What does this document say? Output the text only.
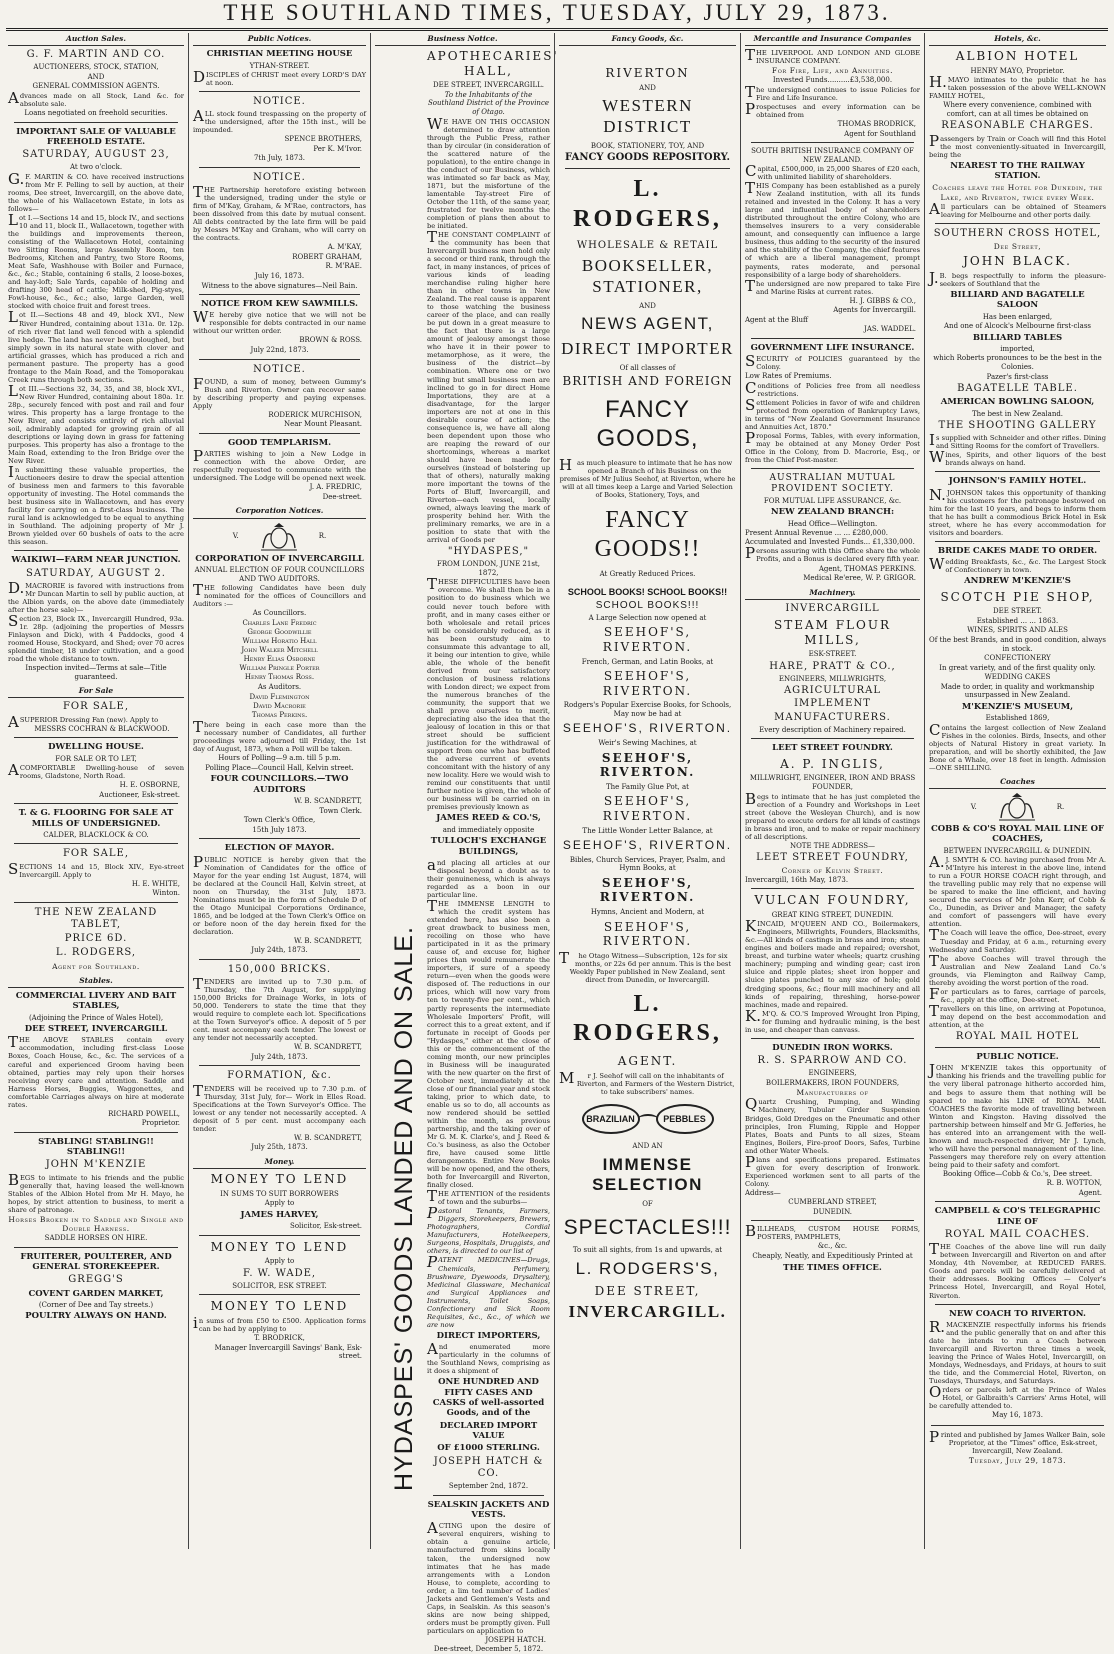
THE SOUTHLAND TIMES, TUESDAY, JULY 29, 1873.
Auction Sales.
G. F. MARTIN AND CO.
AUCTIONEERS, STOCK, STATION,
AND
GENERAL COMMISSION AGENTS.

Advances made on all Stock, Land &c. for absolute sale.

Loans negotiated on freehold securities.
IMPORTANT SALE OF VALUABLE FREEHOLD ESTATE.
SATURDAY, AUGUST 23,
At two o'clock.

G.F. MARTIN & CO. have received instructions from Mr F. Pelling to sell by auction, at their rooms, Dee street, Invercargill, on the above date, the whole of his Wallacetown Estate, in lots as follows—

Lot I.—Sections 14 and 15, block IV., and sections 10 and 11, block II., Wallacetown, together with the buildings and improvements thereon, consisting of the Wallacetown Hotel, containing two Sitting Rooms, large Assembly Room, ten Bedrooms, Kitchen and Pantry, two Store Rooms, Meat Safe, Washhouse with Boiler and Furnace, &c., &c.; Stable, containing 6 stalls, 2 loose-boxes, and hay-loft; Sale Yards, capable of holding and drafting 300 head of cattle; Milk-shed, Pig-styes, Fowl-house, &c., &c.; also, large Garden, well stocked with choice fruit and forest trees.

Lot II.—Sections 48 and 49, block XVI., New River Hundred, containing about 131a. 0r. 12p. of rich river flat land well fenced with a splendid live hedge. The land has never been ploughed, but simply sown in its natural state with clover and artificial grasses, which has produced a rich and permanent pasture. The property has a good frontage to the Main Road, and the Tomoporakau Creek runs through both sections.

Lot III.—Sections 32, 34, 35, and 38, block XVI., New River Hundred, containing about 180a. 1r. 28p., securely fenced with post and rail and four wires. This property has a large frontage to the New River, and consists entirely of rich alluvial soil, admirably adapted for growing grain of all descriptions or laying down in grass for fattening purposes. This property has also a frontage to the Main Road, extending to the Iron Bridge over the New River.

In submitting these valuable properties, the Auctioneers desire to draw the special attention of business men and farmers to this favorable opportunity of investing. The Hotel commands the best business site in Wallacetown, and has every facility for carrying on a first-class business. The rural land is acknowledged to be equal to anything in Southland. The adjoining property of Mr J. Brown yielded over 60 bushels of oats to the acre this season.

WAIKIWI—FARM NEAR JUNCTION.
SATURDAY, AUGUST 2.

D.MACRORIE is favored with instructions from Mr Duncan Martin to sell by public auction, at the Albion yards, on the above date (immediately after the horse sale)—

Section 23, Block IX., Invercargill Hundred, 93a. 1r. 28p. (adjoining the properties of Messrs Finlayson and Dick), with 4 Paddocks, good 4 roomed House, Stockyard, and Shed; over 70 acres splendid timber, 18 under cultivation, and a good road the whole distance to town.

Inspection invited—Terms at sale—Title guaranteed.
For Sale
FOR SALE,

ASUPERIOR Dressing Fan (new). Apply to

MESSRS COCHRAN & BLACKWOOD.
DWELLING HOUSE.
FOR SALE OR TO LET,

ACOMFORTABLE Dwelling-house of seven rooms, Gladstone, North Road.

H. E. OSBORNE,
Auctioneer, Esk-street.
T. & G. FLOORING FOR SALE AT MILLS OF UNDERSIGNED.
CALDER, BLACKLOCK & CO.
FOR SALE,

SECTIONS 14 and 15, Block XIV., Eye-street Invercargill. Apply to

H. E. WHITE,
Winton.
THE NEW ZEALAND TABLET,
PRICE 6D.
L. RODGERS,
Agent for Southland.
Stables.
COMMERCIAL LIVERY AND BAIT STABLES,
(Adjoining the Prince of Wales Hotel),
DEE STREET, INVERCARGILL

THE ABOVE STABLES contain every accommodation, including first-class Loose Boxes, Coach House, &c., &c. The services of a careful and experienced Groom having been obtained, parties may rely upon their horses receiving every care and attention. Saddle and Harness Horses, Buggies, Waggonettes, and comfortable Carriages always on hire at moderate rates.

RICHARD POWELL,
Proprietor.
STABLING! STABLING!! STABLING!!
JOHN M'KENZIE

BEGS to intimate to his friends and the public generally that, having leased the well-known Stables of the Albion Hotel from Mr H. Mayo, he hopes, by strict attention to business, to merit a share of patronage.

Horses Broken in to Saddle and Single and Double Harness.
SADDLE HORSES ON HIRE.
FRUITERER, POULTERER, AND GENERAL STOREKEEPER.
GREGG'S
COVENT GARDEN MARKET,
(Corner of Dee and Tay streets.)
POULTRY ALWAYS ON HAND.
Public Notices.
CHRISTIAN MEETING HOUSE
YTHAN-STREET.

DISCIPLES of CHRIST meet every LORD'S DAY at noon.

NOTICE.

ALL stock found trespassing on the property of the undersigned, after the 15th inst., will be impounded.

SPENCE BROTHERS,
Per K. M'Ivor.
7th July, 1873.
NOTICE.

THE Partnership heretofore existing between the undersigned, trading under the style or firm of M'Kay, Graham, & M'Rae, contractors, has been dissolved from this date by mutual consent. All debts contracted by the late firm will be paid by Messrs M'Kay and Graham, who will carry on the contracts.

A. M'KAY,
ROBERT GRAHAM,
R. M'RAE.
July 16, 1873.
Witness to the above signatures—Neil Bain.
NOTICE FROM KEW SAWMILLS.

WE hereby give notice that we will not be responsible for debts contracted in our name without our written order.

BROWN & ROSS.
July 22nd, 1873.
NOTICE.

FOUND, a sum of money, between Gummy's Bush and Riverton. Owner can recover same by describing property and paying expenses. Apply

RODERICK MURCHISON,
Near Mount Pleasant.
GOOD TEMPLARISM.

PARTIES wishing to join a New Lodge in connection with the above Order, are respectfully requested to communicate with the undersigned. The Lodge will be opened next week.

J. A. FREDRIC,
Dee-street.
Corporation Notices.
V.	R.
CORPORATION OF INVERCARGILL
ANNUAL ELECTION OF FOUR COUNCILLORS AND TWO AUDITORS.

THE following Candidates have been duly nominated for the offices of Councillors and Auditors :—

As Councillors.
Charles Lane Fredric
George Goodwillie
William Horatio Hall
John Walker Mitchell
Henry Elias Osborne
William Pringle Porter
Henry Thomas Ross.
As Auditors.
David Flemington
David Macrorie
Thomas Perkins.

There being in each case more than the necessary number of Candidates, all further proceedings were adjourned till Friday, the 1st day of August, 1873, when a Poll will be taken.

Hours of Polling—9 a.m. till 5 p.m.
Polling Place—Council Hall, Kelvin street.
FOUR COUNCILLORS.—TWO AUDITORS
W. B. SCANDRETT,
Town Clerk.
Town Clerk's Office,
15th July 1873.
ELECTION OF MAYOR.

PUBLIC NOTICE is hereby given that the Nomination of Candidates for the office of Mayor for the year ending 1st August, 1874, will be declared at the Council Hall, Kelvin street, at noon on Thursday, the 31st July, 1873. Nominations must be in the form of Schedule D of the Otago Municipal Corporations Ordinance, 1865, and be lodged at the Town Clerk's Office on or before noon of the day herein fixed for the declaration.

W. B. SCANDRETT,
July 24th, 1873.
150,000 BRICKS.

TENDERS are invited up to 7.30 p.m. of Thursday, the 7th August, for supplying 150,000 Bricks for Drainage Works, in lots of 50,000. Tenderers to state the time that they would require to complete each lot. Specifications at the Town Surveyor's office. A deposit of 5 per cent. must accompany each tender. The lowest or any tender not necessarily accepted.

W. B. SCANDRETT,
July 24th, 1873.
FORMATION, &c.

TENDERS will be received up to 7.30 p.m. of Thursday, 31st July, for— Work in Elles Road. Specifications at the Town Surveyor's Office. The lowest or any tender not necessarily accepted. A deposit of 5 per cent. must accompany each tender.

W. B. SCANDRETT,
July 25th, 1873.
Money.
MONEY TO LEND
IN SUMS TO SUIT BORROWERS
Apply to
JAMES HARVEY,
Solicitor, Esk-street.
MONEY TO LEND
Apply to
F. W. WADE,
SOLICITOR, ESK STREET.
MONEY TO LEND

in sums of from £50 to £500. Application forms can be had by applying to

T. BRODRICK,
Manager Invercargill Savings' Bank, Esk-street.
Business Notice.
HYDASPES' GOODS LANDED AND ON SALE.
APOTHECARIES' HALL,
DEE STREET, INVERCARGILL.
To the Inhabitants of the Southland District of the Province of Otago.

WE HAVE ON THIS OCCASION determined to draw attention through the Public Press, rather than by circular (in consideration of the scattered nature of the population), to the entire change in the conduct of our Business, which was intimated so far back as May, 1871, but the misfortune of the lamentable Tay-street Fire of October the 11th, of the same year, frustrated for twelve months the completion of plans then about to be initiated.

THE CONSTANT COMPLAINT of the community has been that Invercargill business men hold only a second or third rank, through the fact, in many instances, of prices of various kinds of leading merchandise ruling higher here than in other towns in New Zealand. The real cause is apparent to those watching the business career of the place, and can really be put down in a great measure to the fact that there is a large amount of jealousy amongst those who have it in their power to metamorphose, as it were, the business of the district—by combination. Where one or two willing but small business men are inclined to go in for direct Home Importations, they are at a disadvantage, for the larger importers are not at one in this desirable course of action; the consequence is, we have all along been dependent upon those who are reaping the reward of our shortcomings, whereas a market should have been made for ourselves (instead of bolstering up that of others), naturally making more important the towns of the Ports of Bluff, Invercargill, and Riverton—each vessel, locally owned, always leaving the mark of prosperity behind her. With the preliminary remarks, we are in a position to state that with the arrival of Goods per

"HYDASPES,"
FROM LONDON, JUNE 21st, 1872,

THESE DIFFICULTIES have been overcome. We shall then be in a position to do business which we could never touch before with profit, and in many cases either or both wholesale and retail prices will be considerably reduced, as it has been ourstudy aim to consummate this advantage to all, it being our intention to give, while able, the whole of the benefit derived from our satisfactory conclusion of business relations with London direct; we expect from the numerous branches of the community, the support that we shall prove ourselves to merit, depreciating also the idea that the jealousy of location in this or that street should be sufficient justification for the withdrawal of support from one who has buffeted the adverse current of events concomitant with the history of any new locality. Here we would wish to remind our constituents that until further notice is given, the whole of our business will be carried on in premises previously known as

JAMES REED & CO.'S,
and immediately opposite
TULLOCH'S EXCHANGE BUILDINGS,

and placing all articles at our disposal beyond a doubt as to their genuineness, which is always regarded as a boon in our particular line.

THE IMMENSE LENGTH to which the credit system has extended here, has also been a great drawback to business men, recoiling on those who have participated in it as the primary cause of, and excuse for, higher prices than would remunerate the importers, if sure of a speedy return—even when the goods were disposed of. The reductions in our prices, which will now vary from ten to twenty-five per cent., which partly represents the intermediate Wholesale Importers' Profit, will correct this to a great extent, and if fortunate in receipt of Goods per "Hydaspes," either at the close of this or the commencement of the coming month, our new principles in Business will be inaugurated with the new quarter on the first of October next, immediately at the close of our financial year and stock taking, prior to which date, to enable us so to do, all accounts as now rendered should be settled within the month, as previous partnership, and the taking over of Mr G. M. K. Clarke's, and J. Reed & Co.'s business, as also the October fire, have caused some little derangements. Entire New Books will be now opened, and the others, both for Invercargill and Riverton, finally closed.

THE ATTENTION of the residents of town and the suburbs—

Pastoral Tenants, Farmers, Diggers, Storekeepers, Brewers, Photographers, Cordial Manufacturers, Hotelkeepers, Surgeons, Hospitals, Druggists, and others, is directed to our list of

PATENT MEDICINES—Drugs, Chemicals, Perfumery, Brushware, Dyewoods, Drysaltery, Medicinal Glassware, Mechanical and Surgical Appliances and Instruments, Toilet Soaps, Confectionery and Sick Room Requisites, &c., &c., of which we are now

DIRECT IMPORTERS,

And enumerated more particularly in the columns of the Southland News, comprising as it does a shipment of

ONE HUNDRED AND FIFTY CASES AND CASKS of well-assorted Goods, and of the
DECLARED IMPORT VALUE
OF £1000 STERLING.
JOSEPH HATCH & CO.
September 2nd, 1872.
SEALSKIN JACKETS AND VESTS.

ACTING upon the desire of several enquirers, wishing to obtain a genuine article, manufactured from skins locally taken, the undersigned now intimates that he has made arrangements with a London House, to complete, according to order, a lim ted number of Ladies' Jackets and Gentlemen's Vests and Caps, in Sealskin. As this season's skins are now being shipped, orders must be promptly given. Full particulars on application to

JOSEPH HATCH.
Dee-street, December 5, 1872.
Fancy Goods, &c.
RIVERTON
AND
WESTERN DISTRICT
BOOK, STATIONERY, TOY, AND
FANCY GOODS REPOSITORY.
L. RODGERS,
WHOLESALE & RETAIL
BOOKSELLER, STATIONER,
AND
NEWS AGENT,
DIRECT IMPORTER
Of all classes of
BRITISH AND FOREIGN
FANCY GOODS,

Has much pleasure to intimate that he has now opened a Branch of his Business on the premises of Mr Julius Seehof, at Riverton, where he will at all times keep a Large and Varied Selection of Books, Stationery, Toys, and

FANCY GOODS!!
At Greatly Reduced Prices.
SCHOOL BOOKS! SCHOOL BOOKS!!
SCHOOL BOOKS!!!
A Large Selection now opened at
SEEHOF'S, RIVERTON.
French, German, and Latin Books, at
SEEHOF'S, RIVERTON.
Rodgers's Popular Exercise Books, for Schools, May now be had at
SEEHOF'S, RIVERTON.
Weir's Sewing Machines, at
SEEHOF'S, RIVERTON.
The Family Glue Pot, at
SEEHOF'S, RIVERTON.
The Little Wonder Letter Balance, at
SEEHOF'S, RIVERTON.
Bibles, Church Services, Prayer, Psalm, and Hymn Books, at
SEEHOF'S, RIVERTON.
Hymns, Ancient and Modern, at
SEEHOF'S, RIVERTON.

The Otago Witness—Subscription, 12s for six months, or 22s 6d per annum. This is the best Weekly Paper published in New Zealand, sent direct from Dunedin, or Invercargill.

L. RODGERS,
AGENT.

Mr J. Seehof will call on the inhabitants of Riverton, and Farmers of the Western District, to take subscribers' names.

BRAZILIAN	PEBBLES
AND AN
IMMENSE SELECTION
OF
SPECTACLES!!!
To suit all sights, from 1s and upwards, at
L. RODGERS'S,
DEE STREET,
INVERCARGILL.
Mercantile and Insurance Companies

THE LIVERPOOL AND LONDON AND GLOBE INSURANCE COMPANY.

For Fire, Life, and Annuities.
Invested Funds..........£3,538,000.

The undersigned continues to issue Policies for Fire and Life Insurance.

Prospectuses and every information can be obtained from

THOMAS BRODRICK,
Agent for Southland
SOUTH BRITISH INSURANCE COMPANY OF NEW ZEALAND.

Capital, £500,000, in 25,000 Shares of £20 each, with unlimited liability of shareholders.

THIS Company has been established as a purely New Zealand institution, with all its funds retained and invested in the Colony. It has a very large and influential body of shareholders distributed throughout the entire Colony, who are themselves insurers to a very considerable amount, and consequently can influence a large business, thus adding to the security of the insured and the stability of the Company, the chief features of which are a liberal management, prompt payments, rates moderate, and personal responsibility of a large body of shareholders.

The undersigned are now prepared to take Fire and Marine Risks at current rates.

H. J. GIBBS & CO.,
Agents for Invercargill.
Agent at the Bluff
JAS. WADDEL.
GOVERNMENT LIFE INSURANCE.

SECURITY of POLICIES guaranteed by the Colony.

Low Rates of Premiums.

Conditions of Policies free from all needless restrictions.

Settlement Policies in favor of wife and children protected from operation of Bankruptcy Laws, in terms of "New Zealand Government Insurance and Annuities Act, 1870."

Proposal Forms, Tables, with every information, may be obtained at any Money Order Post Office in the Colony, from D. Macrorie, Esq., or from the Chief Post-master.

AUSTRALIAN MUTUAL PROVIDENT SOCIETY.
FOR MUTUAL LIFE ASSURANCE, &c.
NEW ZEALAND BRANCH:
Head Office—Wellington.
Present Annual Revenue ... ... £280,000.
Accumulated and Invested Funds... £1,330,000.

Persons assuring with this Office share the whole Profits, and a Bonus is declared every fifth year.

Agent, THOMAS PERKINS.
Medical Re'eree, W. P. GRIGOR.
Machinery.
INVERCARGILL
STEAM FLOUR MILLS,
ESK-STREET.
HARE, PRATT & CO.,
ENGINEERS, MILLWRIGHTS,
AGRICULTURAL IMPLEMENT
MANUFACTURERS.
Every description of Machinery repaired.
LEET STREET FOUNDRY.
A. P. INGLIS,
MILLWRIGHT, ENGINEER, IRON AND BRASS FOUNDER,

Begs to intimate that he has just completed the erection of a Foundry and Workshops in Leet street (above the Wesleyan Church), and is now prepared to execute orders for all kinds of castings in brass and iron, and to make or repair machinery of all descriptions.

NOTE THE ADDRESS—
LEET STREET FOUNDRY,
Corner of Kelvin Street.
Invercargill, 16th May, 1873.
VULCAN FOUNDRY,
GREAT KING STREET, DUNEDIN.

KINCAID, M'QUEEN AND CO., Boilermakers, Engineers, Millwrights, Founders, Blacksmiths, &c.—All kinds of castings in brass and iron; steam engines and boilers made and repaired; overshot, breast, and turbine water wheels; quartz crushing machinery; pumping and winding gear; cast iron sluice and ripple plates; sheet iron hopper and sluice plates punched to any size of hole; gold dredging spoons, &c.; flour mill machinery and all kinds of repairing, threshing, horse-power machines, made and repaired.

K.M'Q. & CO.'S Improved Wrought Iron Piping, for fluming and hydraulic mining, is the best in use, and cheaper than canvass.

DUNEDIN IRON WORKS.
R. S. SPARROW AND CO.
ENGINEERS,
BOILERMAKERS, IRON FOUNDERS,
Manufacturers of

Quartz Crushing, Pumping, and Winding Machinery, Tubular Girder Suspension Bridges, Gold Dredges on the Pneumatic and other principles, Iron Fluming, Ripple and Hopper Plates, Boats and Punts to all sizes, Steam Engines, Boilers, Fire-proof Doors, Safes, Turbine and other Water Wheels.

Plans and specifications prepared. Estimates given for every description of Ironwork. Experienced workmen sent to all parts of the Colony.

Address—
CUMBERLAND STREET,
DUNEDIN.

BILLHEADS, CUSTOM HOUSE FORMS, POSTERS, PAMPHLETS,

&c., &c.
Cheaply, Neatly, and Expeditiously Printed at
THE TIMES OFFICE.
Hotels, &c.
ALBION HOTEL
HENRY MAYO, Proprietor.

H.MAYO intimates to the public that he has taken possession of the above WELL-KNOWN FAMILY HOTEL,

Where every convenience, combined with comfort, can at all times be obtained on
REASONABLE CHARGES.

Passengers by Train or Coach will find this Hotel the most conveniently-situated in Invercargill, being the

NEAREST TO THE RAILWAY STATION.
Coaches leave the Hotel for Dunedin, the Lake, and Riverton, twice every Week.

All particulars can be obtained of Steamers leaving for Melbourne and other ports daily.

SOUTHERN CROSS HOTEL,
Dee Street,
JOHN BLACK.

J.B. begs respectfully to inform the pleasure-seekers of Southland that the

BILLIARD AND BAGATELLE SALOON
Has been enlarged,
And one of Alcock's Melbourne first-class
BILLIARD TABLES
imported,
which Roberts pronounces to be the best in the Colonies.
Pazer's first-class
BAGATELLE TABLE.
AMERICAN BOWLING SALOON,
The best in New Zealand.
THE SHOOTING GALLERY

Is supplied with Schneider and other rifles. Dining and Sitting Rooms for the comfort of Travellers.

Wines, Spirits, and other liquors of the best brands always on hand.

JOHNSON'S FAMILY HOTEL.

N.JOHNSON takes this opportunity of thanking his customers for the patronage bestowed on him for the last 10 years, and begs to inform them that he has built a commodious Brick Hotel in Esk street, where he has every accommodation for visitors and boarders.

BRIDE CAKES MADE TO ORDER.

Wedding Breakfasts, &c., &c. The Largest Stock of Confectionery in town.

ANDREW M'KENZIE'S
SCOTCH PIE SHOP,
DEE STREET.
Established ... ... 1863.
WINES, SPIRITS AND ALES
Of the best Brands, and in good condition, always in stock.
CONFECTIONERY
In great variety, and of the first quality only.
WEDDING CAKES
Made to order, in quality and workmanship unsurpassed in New Zealand.
M'KENZIE'S MUSEUM,
Established 1869,

Contains the largest collection of New Zealand Fishes in the colonies. Birds, Insects, and other objects of Natural History in great variety. In preparation, and will be shortly exhibited, the Jaw Bone of a Whale, over 18 feet in length. Admission—ONE SHILLING.

Coaches
V.	R.
COBB & CO'S ROYAL MAIL LINE OF COACHES,
BETWEEN INVERCARGILL & DUNEDIN.

A.J. SMYTH & CO. having purchased from Mr A. M'Intyre his interest in the above line, intend to run a FOUR HORSE COACH right through, and the travelling public may rely that no expense will be spared to make the line efficient, and having secured the services of Mr John Kerr, of Cobb & Co., Dunedin, as Driver and Manager, the safety and comfort of passengers will have every attention.

The Coach will leave the office, Dee-street, every Tuesday and Friday, at 6 a.m., returning every Wednesday and Saturday.

The above Coaches will travel through the Australian and New Zealand Land Co.'s grounds, via Flemington and Railway Camp, thereby avoiding the worst portion of the road.

For particulars as to fares, carriage of parcels, &c., apply at the office, Dee-street.

Travellers on this line, on arriving at Popotunoa, may depend on the best accommodation and attention, at the

ROYAL MAIL HOTEL
PUBLIC NOTICE.

JOHN M'KENZIE takes this opportunity of thanking his friends and the travelling public for the very liberal patronage hitherto accorded him, and begs to assure them that nothing will be spared to make his LINE of ROYAL MAIL COACHES the favorite mode of travelling between Winton and Kingston. Having dissolved the partnership between himself and Mr G. Jefferies, he has entered into an arrangement with the well-known and much-respected driver, Mr J. Lynch, who will have the personal management of the line. Passengers may therefore rely on every attention being paid to their safety and comfort.

Booking Office—Cobb & Co.'s, Dee street.
R. B. WOTTON,
Agent.
CAMPBELL & CO'S TELEGRAPHIC LINE OF
ROYAL MAIL COACHES.

THE Coaches of the above line will run daily between Invercargill and Riverton on and after Monday, 4th November, at REDUCED FARES. Goods and parcels will be carefully delivered at their addresses. Booking Offices — Colyer's Princess Hotel, Invercargill, and Royal Hotel, Riverton.

NEW COACH TO RIVERTON.

R.MACKENZIE respectfully informs his friends and the public generally that on and after this date he intends to run a Coach between Invercargill and Riverton three times a week, leaving the Prince of Wales Hotel, Invercargill, on Mondays, Wednesdays, and Fridays, at hours to suit the tide, and the Commercial Hotel, Riverton, on Tuesdays, Thursdays, and Saturdays.

Orders or parcels left at the Prince of Wales Hotel, or Galbraith's Carriers' Arms Hotel, will be carefully attended to.

May 16, 1873.

Printed and published by James Walker Bain, sole Proprietor, at the "Times" office, Esk-street, Invercargill, New Zealand.

Tuesday, July 29, 1873.
